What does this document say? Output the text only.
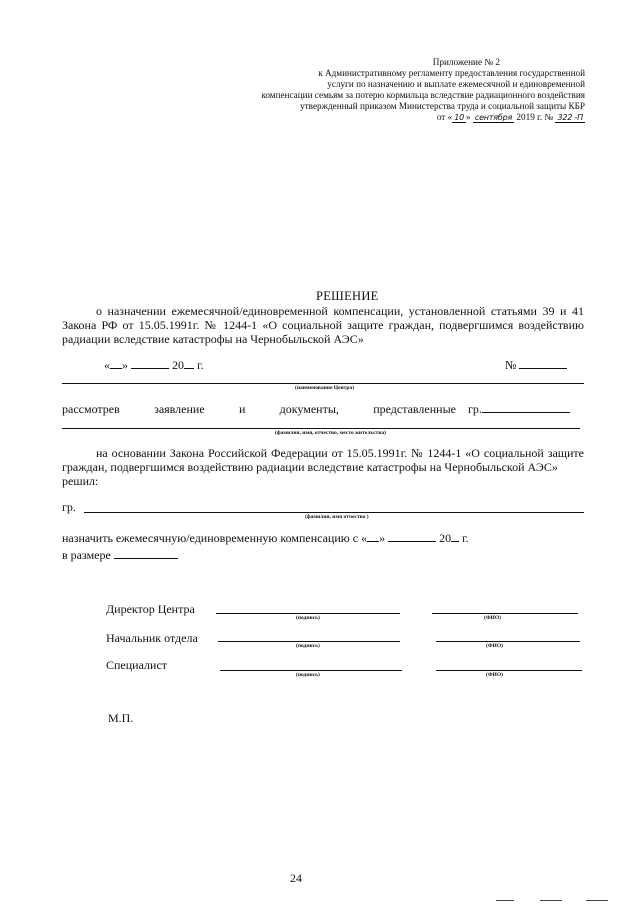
Приложение № 2
к Административному регламенту предоставления государственной
услуги по назначению и выплате ежемесячной и единовременной
компенсации семьям за потерю кормильца вследствие радиационного воздействия
утвержденный приказом Министерства труда и социальной защиты КБР
от « 10 » сентября 2019 г. № 322 -П
РЕШЕНИЕ
о назначении ежемесячной/единовременной компенсации, установленной статьями 39 и 41 Закона РФ от 15.05.1991г. № 1244-1 «О социальной защите граждан, подвергшимся воздействию радиации вследствие катастрофы на Чернобыльской АЭС»
« »	20 г.	№
(наименование Центра)
рассмотрев	заявление	и	документы,	представленные гр.
(фамилия, имя, отчество, место жительства)
на основании Закона Российской Федерации от 15.05.1991г. № 1244-1 «О социальной защите граждан, подвергшимся воздействию радиации вследствие катастрофы на Чернобыльской АЭС»
решил:
гр.
(фамилия, имя отчество )
назначить ежемесячную/единовременную компенсацию с « »	20 г.
в размере
Директор Центра
(подпись)	(ФИО)
Начальник отдела
(подпись)	(ФИО)
Специалист
(подпись)	(ФИО)
М.П.
24
